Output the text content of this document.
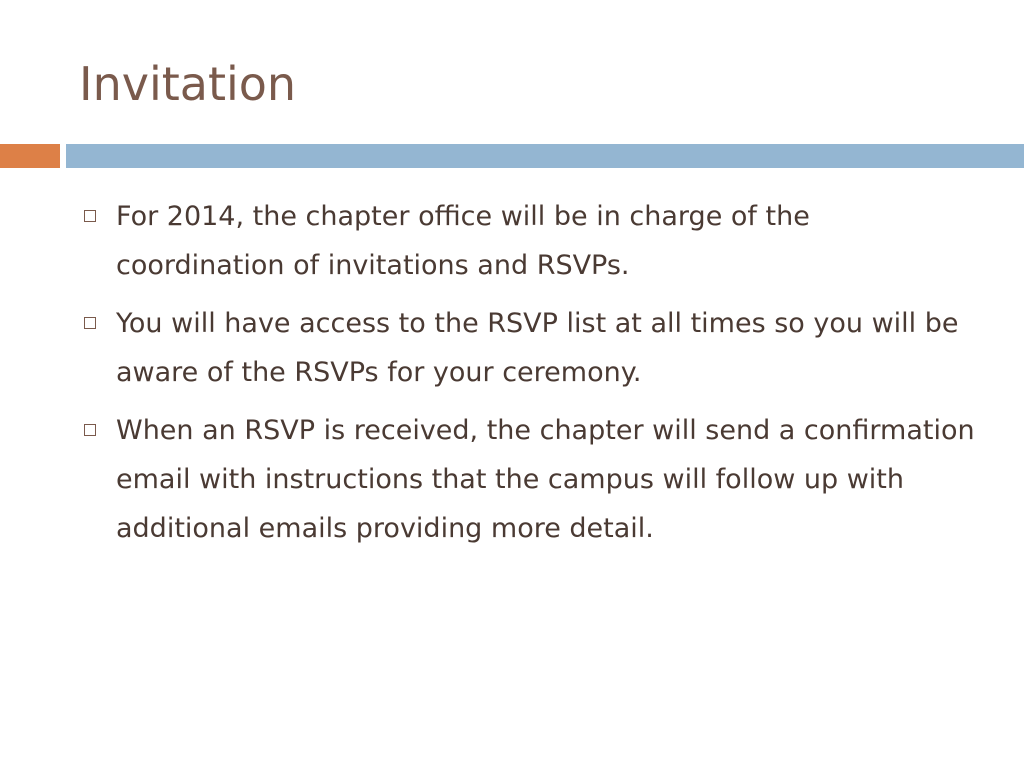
Invitation
For 2014, the chapter office will be in charge of the coordination of invitations and RSVPs.
You will have access to the RSVP list at all times so you will be aware of the RSVPs for your ceremony.
When an RSVP is received, the chapter will send a confirmation email with instructions that the campus will follow up with additional emails providing more detail.
